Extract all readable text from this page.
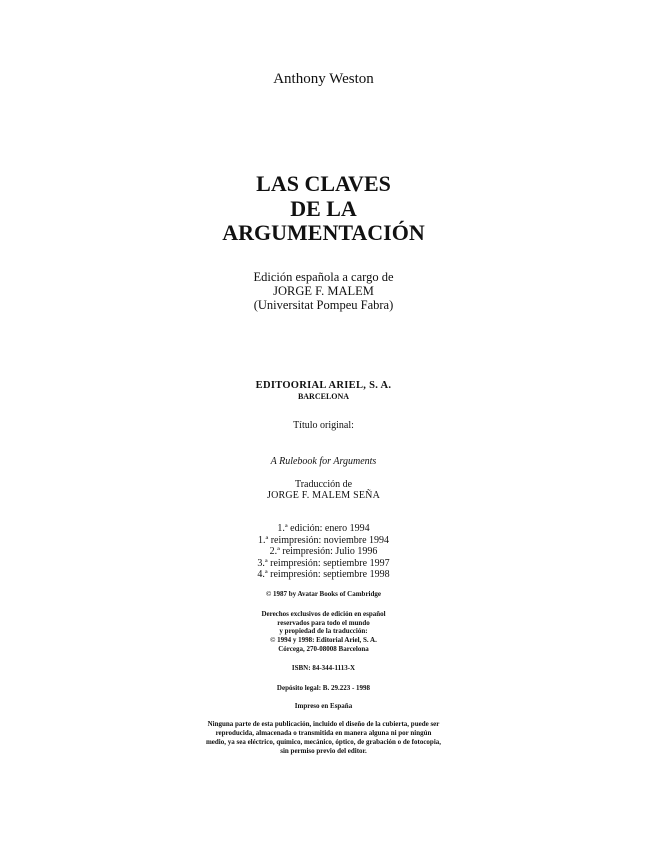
Anthony Weston

LAS CLAVES

DE LA

ARGUMENTACIÓN

Edición española a cargo de

JORGE F. MALEM

(Universitat Pompeu Fabra)

EDITOORIAL ARIEL, S. A.

BARCELONA

Título original:

A Rulebook for Arguments

Traducción de

JORGE F. MALEM SEÑA

1.ª edición: enero 1994

1.ª reimpresión: noviembre 1994

2.ª reimpresión: Julio 1996

3.ª reimpresión: septiembre 1997

4.ª reimpresión: septiembre 1998

© 1987 by Avatar Books of Cambridge

Derechos exclusivos de edición en español

reservados para todo el mundo

y propiedad de la traducción:

© 1994 y 1998: Editorial Ariel, S. A.

Córcega, 270-08008 Barcelona

ISBN: 84-344-1113-X

Depósito legal: B. 29.223 - 1998

Impreso en España

Ninguna parte de esta publicación, incluido el diseño de la cubierta, puede ser

reproducida, almacenada o transmitida en manera alguna ni por ningún

medio, ya sea eléctrico, químico, mecánico, óptico, de grabación o de fotocopia,

sin permiso previo del editor.
